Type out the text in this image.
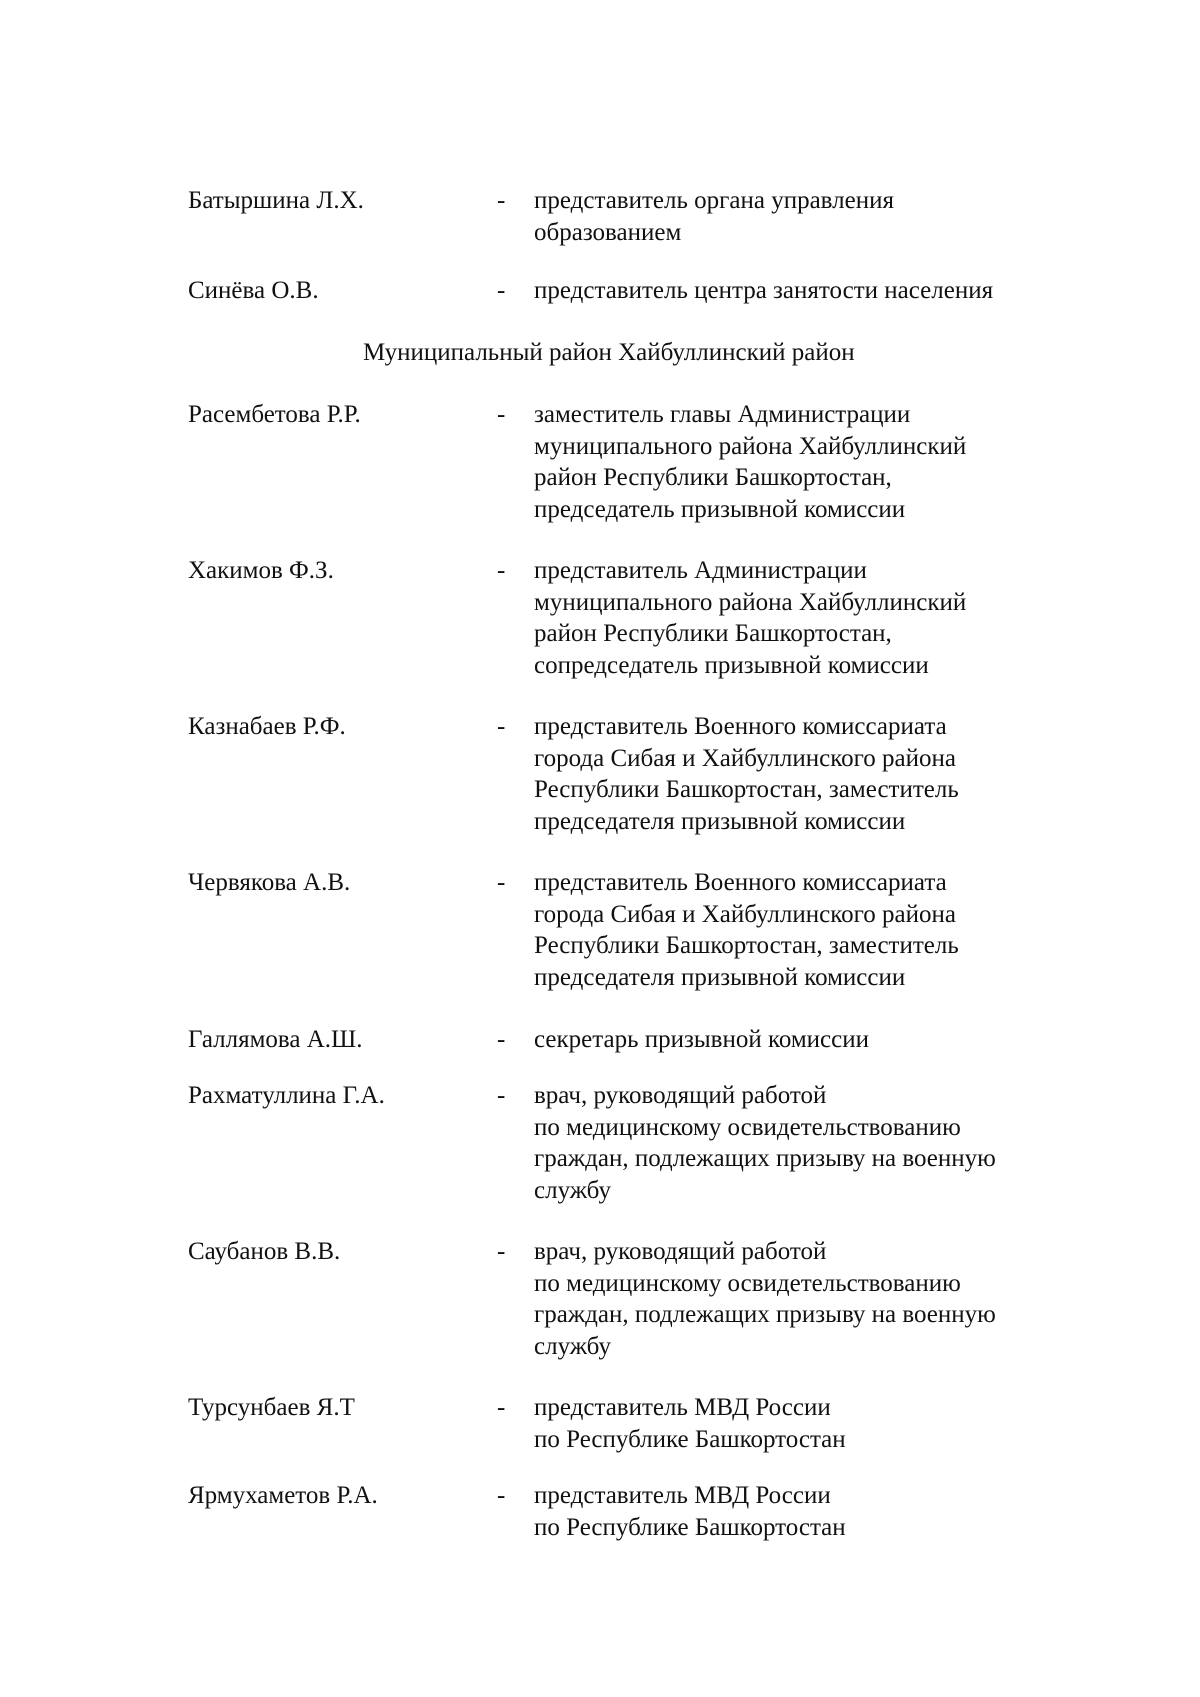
Батыршина Л.Х.	- представитель органа управления
образованием
Синёва О.В.	- представитель центра занятости населения
Муниципальный район Хайбуллинский район
Расембетова Р.Р.	- заместитель главы Администрации
муниципального района Хайбуллинский
район Республики Башкортостан,
председатель призывной комиссии
Хакимов Ф.З.	- представитель Администрации
муниципального района Хайбуллинский
район Республики Башкортостан,
сопредседатель призывной комиссии
Казнабаев Р.Ф.	- представитель Военного комиссариата
города Сибая и Хайбуллинского района
Республики Башкортостан, заместитель
председателя призывной комиссии
Червякова А.В.	- представитель Военного комиссариата
города Сибая и Хайбуллинского района
Республики Башкортостан, заместитель
председателя призывной комиссии
Галлямова А.Ш.	- секретарь призывной комиссии
Рахматуллина Г.А.	- врач, руководящий работой
по медицинскому освидетельствованию
граждан, подлежащих призыву на военную
службу
Саубанов В.В.	- врач, руководящий работой
по медицинскому освидетельствованию
граждан, подлежащих призыву на военную
службу
Турсунбаев Я.Т	- представитель МВД России
по Республике Башкортостан
Ярмухаметов Р.А.	- представитель МВД России
по Республике Башкортостан
